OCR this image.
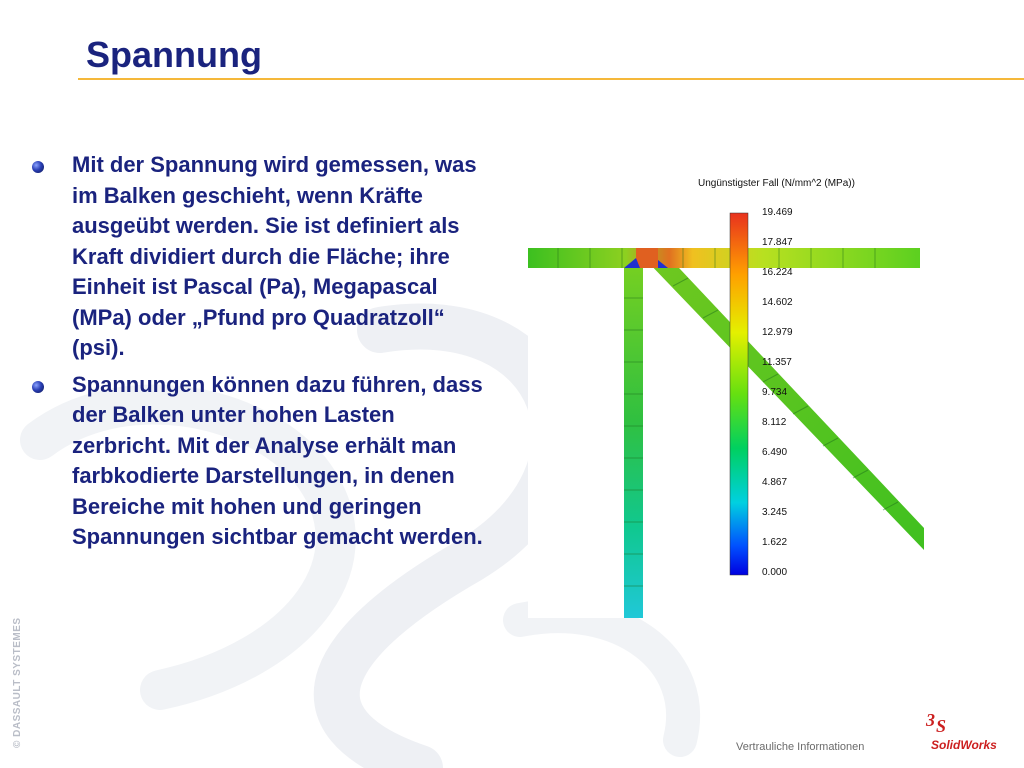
Spannung
Mit der Spannung wird gemessen, was im Balken geschieht, wenn Kräfte ausgeübt werden. Sie ist definiert als Kraft dividiert durch die Fläche; ihre Einheit ist Pascal (Pa), Megapascal (MPa) oder „Pfund pro Quadratzoll“ (psi).
Spannungen können dazu führen, dass der Balken unter hohen Lasten zerbricht. Mit der Analyse erhält man farbkodierte Darstellungen, in denen Bereiche mit hohen und geringen Spannungen sichtbar gemacht werden.
Ungünstigster Fall (N/mm^2 (MPa))
19.469
17.847
16.224
14.602
12.979
11.357
9.734
8.112
6.490
4.867
3.245
1.622
0.000
© DASSAULT SYSTEMES	Vertrauliche Informationen
3 S
SolidWorks
